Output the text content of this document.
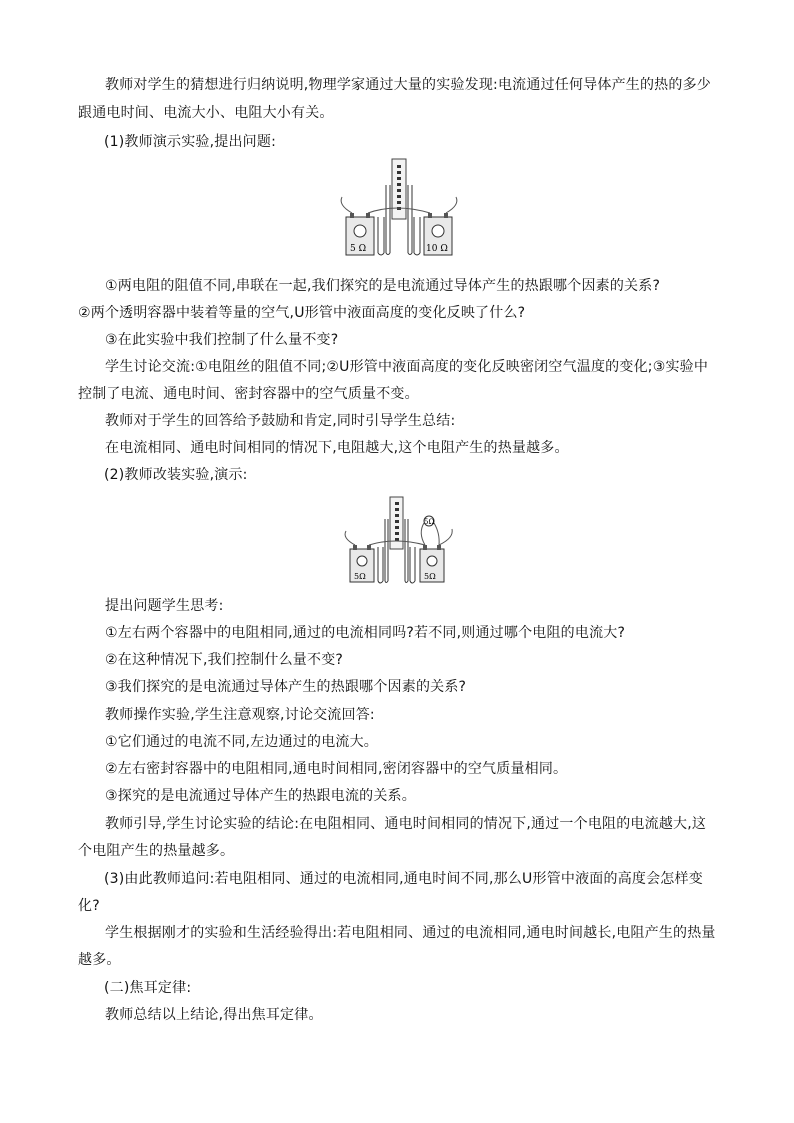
教师对学生的猜想进行归纳说明,物理学家通过大量的实验发现:电流通过任何导体产生的热的多少
跟通电时间、电流大小、电阻大小有关。
(1)教师演示实验,提出问题:
5 Ω	10 Ω
①两电阻的阻值不同,串联在一起,我们探究的是电流通过导体产生的热跟哪个因素的关系?
②两个透明容器中装着等量的空气,U形管中液面高度的变化反映了什么?
③在此实验中我们控制了什么量不变?
学生讨论交流:①电阻丝的阻值不同;②U形管中液面高度的变化反映密闭空气温度的变化;③实验中
控制了电流、通电时间、密封容器中的空气质量不变。
教师对于学生的回答给予鼓励和肯定,同时引导学生总结:
在电流相同、通电时间相同的情况下,电阻越大,这个电阻产生的热量越多。
(2)教师改装实验,演示:
5Ω
5Ω	5Ω
提出问题学生思考:
①左右两个容器中的电阻相同,通过的电流相同吗?若不同,则通过哪个电阻的电流大?
②在这种情况下,我们控制什么量不变?
③我们探究的是电流通过导体产生的热跟哪个因素的关系?
教师操作实验,学生注意观察,讨论交流回答:
①它们通过的电流不同,左边通过的电流大。
②左右密封容器中的电阻相同,通电时间相同,密闭容器中的空气质量相同。
③探究的是电流通过导体产生的热跟电流的关系。
教师引导,学生讨论实验的结论:在电阻相同、通电时间相同的情况下,通过一个电阻的电流越大,这
个电阻产生的热量越多。
(3)由此教师追问:若电阻相同、通过的电流相同,通电时间不同,那么U形管中液面的高度会怎样变
化?
学生根据刚才的实验和生活经验得出:若电阻相同、通过的电流相同,通电时间越长,电阻产生的热量
越多。
(二)焦耳定律:
教师总结以上结论,得出焦耳定律。
